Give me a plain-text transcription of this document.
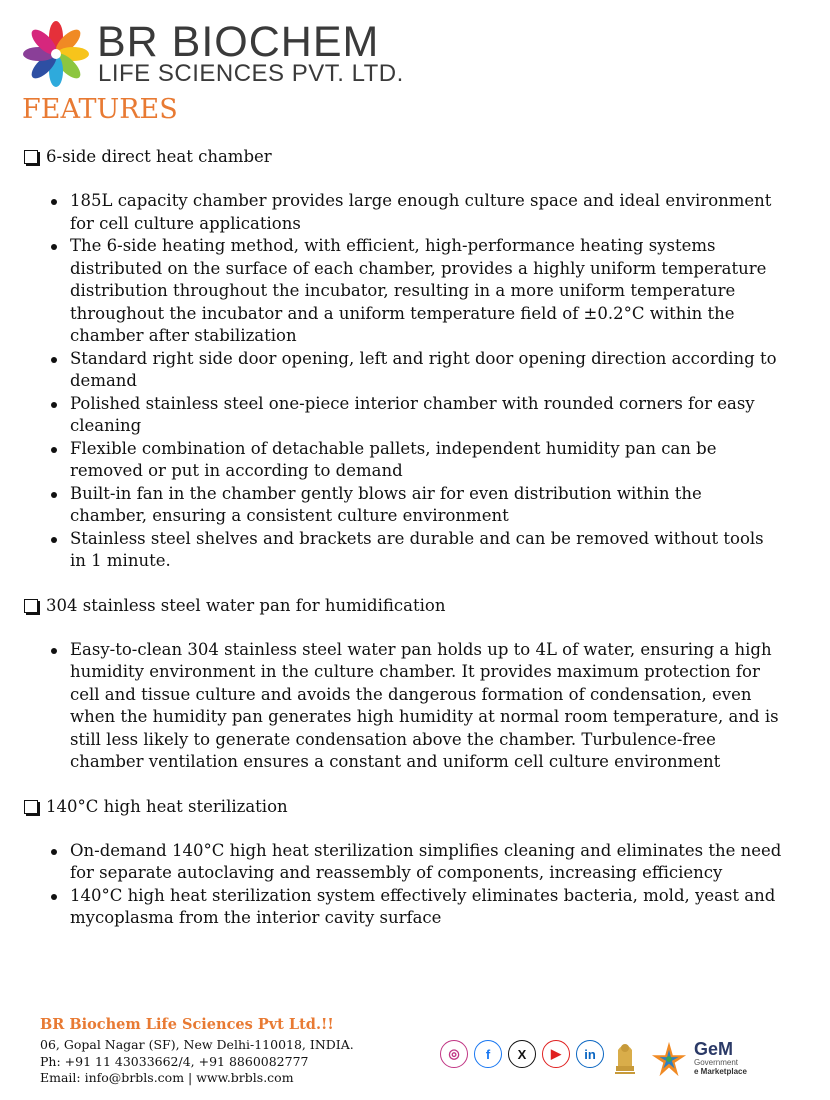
BR BIOCHEM
LIFE SCIENCES PVT. LTD.
FEATURES
6-side direct heat chamber
185L capacity chamber provides large enough culture space and ideal environment for cell culture applications
The 6-side heating method, with efficient, high-performance heating systems distributed on the surface of each chamber, provides a highly uniform temperature distribution throughout the incubator, resulting in a more uniform temperature throughout the incubator and a uniform temperature field of ±0.2°C within the chamber after stabilization
Standard right side door opening, left and right door opening direction according to demand
Polished stainless steel one-piece interior chamber with rounded corners for easy cleaning
Flexible combination of detachable pallets, independent humidity pan can be removed or put in according to demand
Built-in fan in the chamber gently blows air for even distribution within the chamber, ensuring a consistent culture environment
Stainless steel shelves and brackets are durable and can be removed without tools in 1 minute.
304 stainless steel water pan for humidification
Easy-to-clean 304 stainless steel water pan holds up to 4L of water, ensuring a high humidity environment in the culture chamber. It provides maximum protection for cell and tissue culture and avoids the dangerous formation of condensation, even when the humidity pan generates high humidity at normal room temperature, and is still less likely to generate condensation above the chamber. Turbulence-free chamber ventilation ensures a constant and uniform cell culture environment
140°C high heat sterilization
On-demand 140°C high heat sterilization simplifies cleaning and eliminates the need for separate autoclaving and reassembly of components, increasing efficiency
140°C high heat sterilization system effectively eliminates bacteria, mold, yeast and mycoplasma from the interior cavity surface
BR Biochem Life Sciences Pvt Ltd.!!
06, Gopal Nagar (SF), New Delhi-110018, INDIA.
Ph: +91 11 43033662/4, +91 8860082777
Email: info@brbls.com | www.brbls.com
◎	f	X	▶	in	GeM
Government
e Marketplace
